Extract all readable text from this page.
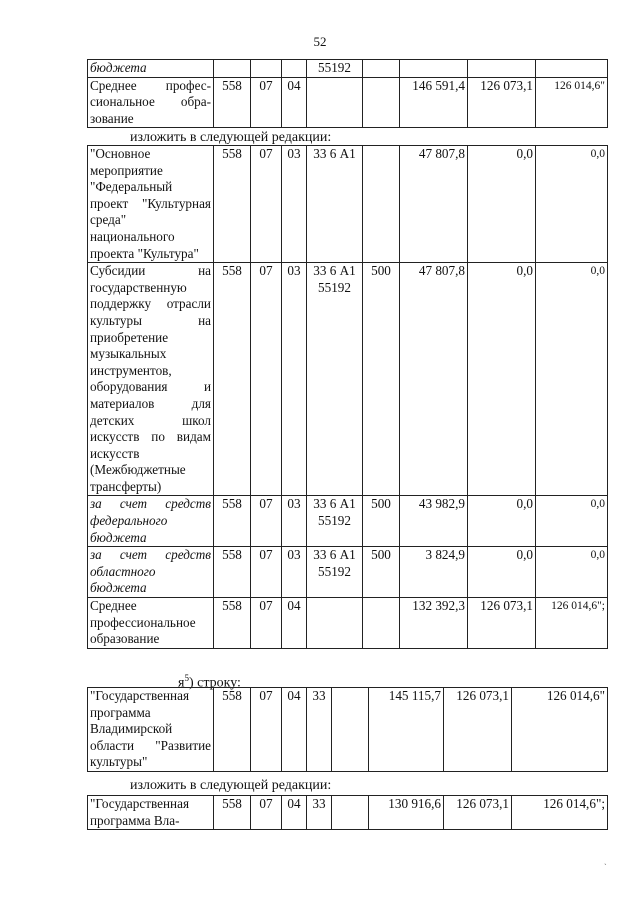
52
бюджета				55192				
Среднее профес-сиональное обра-зование	558	07	04			146 591,4	126 073,1	126 014,6"
изложить в следующей редакции:
"Основное мероприятие "Федеральный проект "Культурная среда" национального проекта "Культура"	558	07	03	33 6 А1		47 807,8	0,0	0,0
Субсидии на государственную поддержку отрасли культуры на приобретение музыкальных инструментов, оборудования и материалов для детских школ искусств по видам искусств (Межбюджетные трансферты)	558	07	03	33 6 А1 55192	500	47 807,8	0,0	0,0
за счет средств федерального бюджета	558	07	03	33 6 А1 55192	500	43 982,9	0,0	0,0
за счет средств областного бюджета	558	07	03	33 6 А1 55192	500	3 824,9	0,0	0,0
Среднее профессиональное образование	558	07	04			132 392,3	126 073,1	126 014,6";
$я^5$) строку:
"Государственная программа Владимирской области "Развитие культуры"	558	07	04	33		145 115,7	126 073,1	126 014,6"
изложить в следующей редакции:
"Государственная программа Вла-	558	07	04	33		130 916,6	126 073,1	126 014,6";
ˎ
